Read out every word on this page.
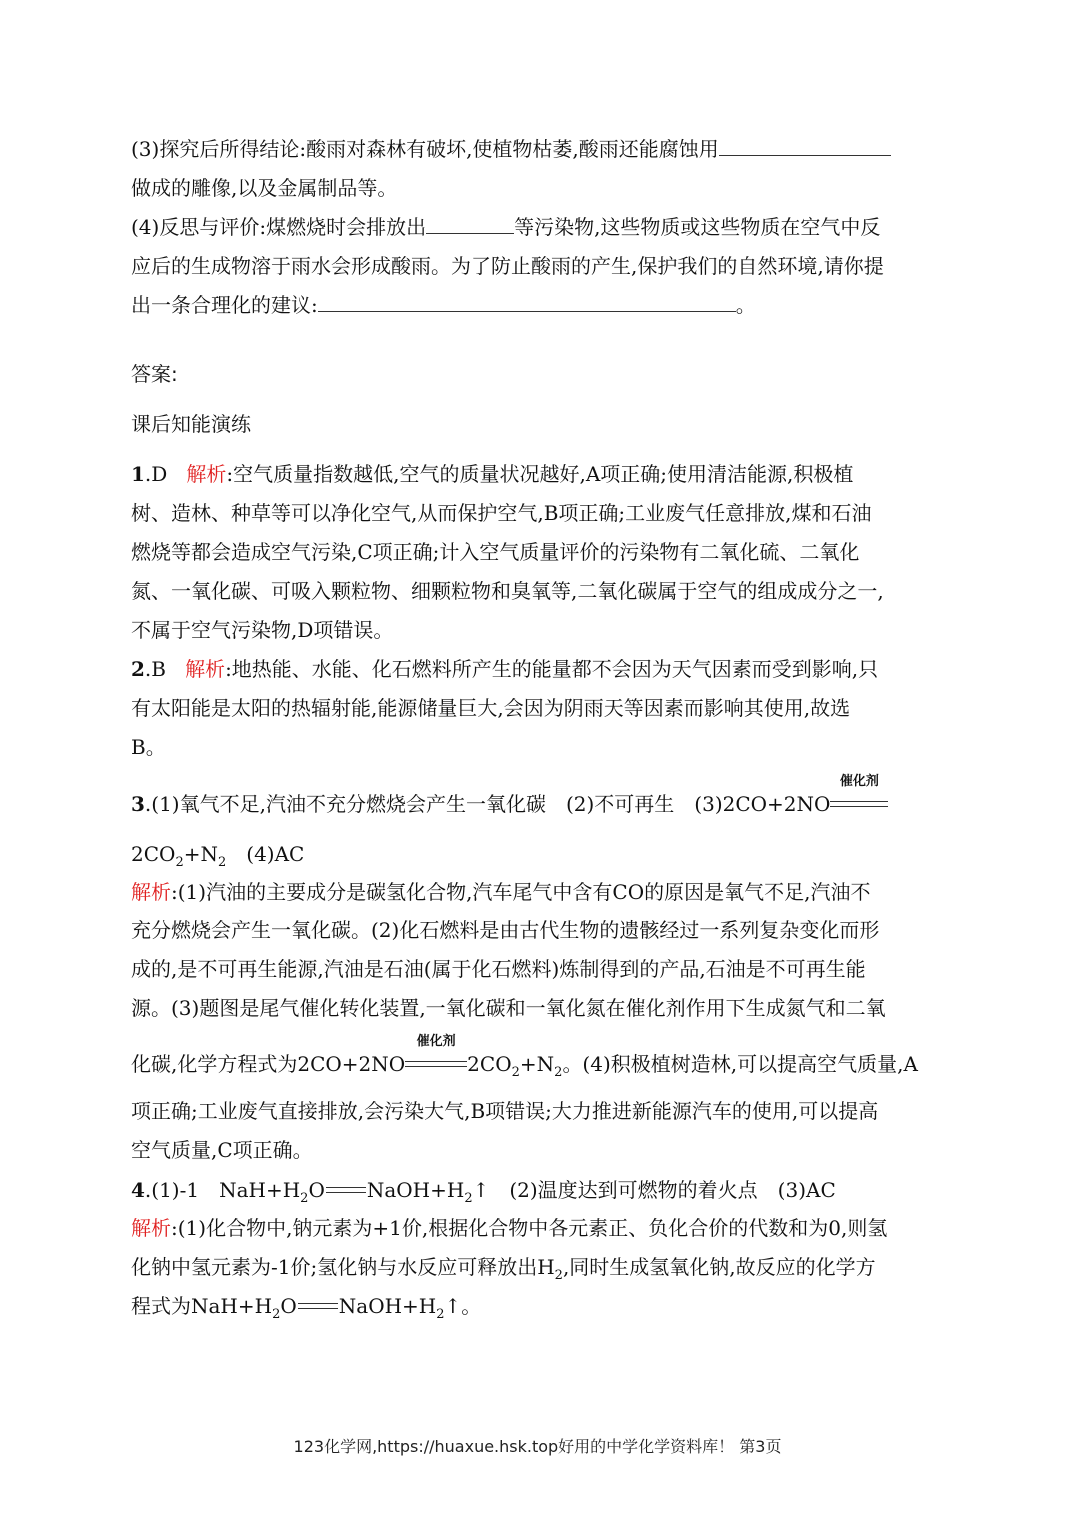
(3)探究后所得结论:酸雨对森林有破坏,使植物枯萎,酸雨还能腐蚀用
做成的雕像,以及金属制品等。
(4)反思与评价:煤燃烧时会排放出	等污染物,这些物质或这些物质在空气中反
应后的生成物溶于雨水会形成酸雨。为了防止酸雨的产生,保护我们的自然环境,请你提
出一条合理化的建议:	。
答案:
课后知能演练
1.D 解析:空气质量指数越低,空气的质量状况越好,A项正确;使用清洁能源,积极植
树、造林、种草等可以净化空气,从而保护空气,B项正确;工业废气任意排放,煤和石油
燃烧等都会造成空气污染,C项正确;计入空气质量评价的污染物有二氧化硫、二氧化
氮、一氧化碳、可吸入颗粒物、细颗粒物和臭氧等,二氧化碳属于空气的组成成分之一,
不属于空气污染物,D项错误。
2.B 解析:地热能、水能、化石燃料所产生的能量都不会因为天气因素而受到影响,只
有太阳能是太阳的热辐射能,能源储量巨大,会因为阴雨天等因素而影响其使用,故选
B。
3.(1)氧气不足,汽油不充分燃烧会产生一氧化碳　(2)不可再生　(3)2CO+2NO
催化剂
$2CO_2+N_2$　(4)AC
解析:(1)汽油的主要成分是碳氢化合物,汽车尾气中含有CO的原因是氧气不足,汽油不
充分燃烧会产生一氧化碳。(2)化石燃料是由古代生物的遗骸经过一系列复杂变化而形
成的,是不可再生能源,汽油是石油(属于化石燃料)炼制得到的产品,石油是不可再生能
源。(3)题图是尾气催化转化装置,一氧化碳和一氧化氮在催化剂作用下生成氮气和二氧
化碳,化学方程式为2CO+2NO
催化剂
$2CO_2+N_2$。(4)积极植树造林,可以提高空气质量,A
项正确;工业废气直接排放,会污染大气,B项错误;大力推进新能源汽车的使用,可以提高
空气质量,C项正确。
4.(1)-1　$NaH+H_2O$ $NaOH+H_2↑$　(2)温度达到可燃物的着火点　(3)AC
解析:(1)化合物中,钠元素为+1价,根据化合物中各元素正、负化合价的代数和为0,则氢
化钠中氢元素为-1价;氢化钠与水反应可释放出$H_2$,同时生成氢氧化钠,故反应的化学方
程式为$NaH+H_2O$ $NaOH+H_2↑$。
123化学网,https://huaxue.hsk.top好用的中学化学资料库！ 第3页
